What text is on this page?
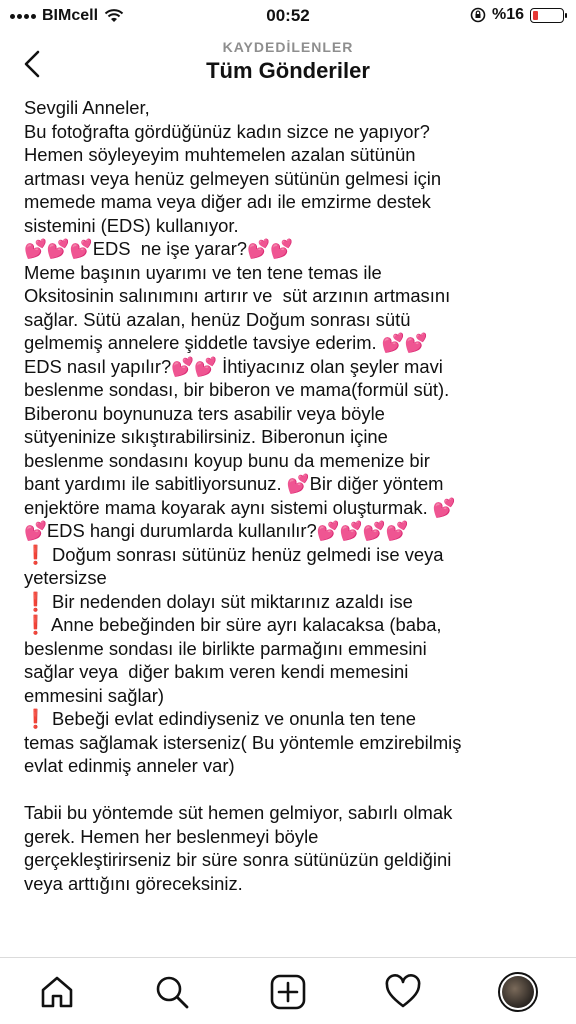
BIMcell	00:52	%16
KAYDEDİLENLER
Tüm Gönderiler
Sevgili Anneler,
Bu fotoğrafta gördüğünüz kadın sizce ne yapıyor?
Hemen söyleyeyim muhtemelen azalan sütünün
artması veya henüz gelmeyen sütünün gelmesi için
memede mama veya diğer adı ile emzirme destek
sistemini (EDS) kullanıyor.
💕💕💕EDS  ne işe yarar?💕💕
Meme başının uyarımı ve ten tene temas ile
Oksitosinin salınımını artırır ve  süt arzının artmasını
sağlar. Sütü azalan, henüz Doğum sonrası sütü
gelmemiş annelere şiddetle tavsiye ederim. 💕💕
EDS nasıl yapılır?💕💕 İhtiyacınız olan şeyler mavi
beslenme sondası, bir biberon ve mama(formül süt).
Biberonu boynunuza ters asabilir veya böyle
sütyeninize sıkıştırabilirsiniz. Biberonun içine
beslenme sondasını koyup bunu da memenize bir
bant yardımı ile sabitliyorsunuz. 💕Bir diğer yöntem
enjektöre mama koyarak aynı sistemi oluşturmak. 💕
💕EDS hangi durumlarda kullanılır?💕💕💕💕
❗ Doğum sonrası sütünüz henüz gelmedi ise veya
yetersizse
❗ Bir nedenden dolayı süt miktarınız azaldı ise
❗ Anne bebeğinden bir süre ayrı kalacaksa (baba,
beslenme sondası ile birlikte parmağını emmesini
sağlar veya  diğer bakım veren kendi memesini
emmesini sağlar)
❗ Bebeği evlat edindiyseniz ve onunla ten tene
temas sağlamak isterseniz( Bu yöntemle emzirebilmiş
evlat edinmiş anneler var)
Tabii bu yöntemde süt hemen gelmiyor, sabırlı olmak
gerek. Hemen her beslenmeyi böyle
gerçekleştirirseniz bir süre sonra sütünüzün geldiğini
veya arttığını göreceksiniz.
